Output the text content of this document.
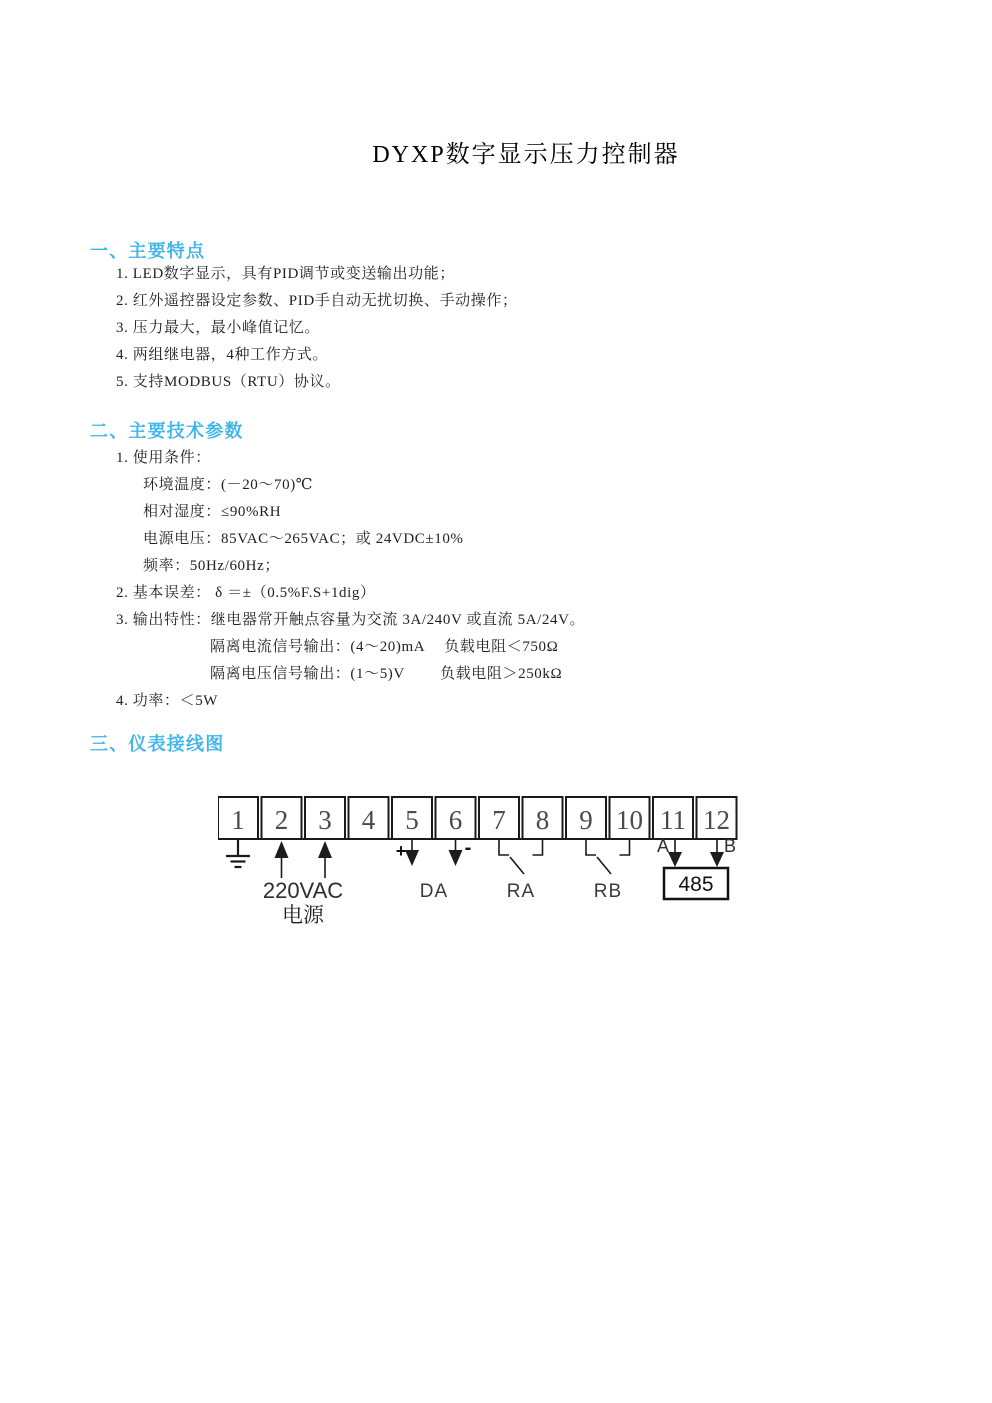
DYXP数字显示压力控制器
一、主要特点
1. LED数字显示，具有PID调节或变送输出功能；
2. 红外遥控器设定参数、PID手自动无扰切换、手动操作；
3. 压力最大，最小峰值记忆。
4. 两组继电器，4种工作方式。
5. 支持MODBUS（RTU）协议。
二、主要技术参数
1. 使用条件：
环境温度：(－20～70)℃
相对湿度：≤90%RH
电源电压：85VAC～265VAC；或 24VDC±10%
频率：50Hz/60Hz；
2. 基本误差： δ ＝±（0.5%F.S+1dig）
3. 输出特性：继电器常开触点容量为交流 3A/240V 或直流 5A/24V。
隔离电流信号输出：(4～20)mA　 负载电阻＜750Ω
隔离电压信号输出：(1～5)V　　 负载电阻＞250kΩ
4. 功率：＜5W
三、仪表接线图
1 2 3 4 5 6 7 8 9 10 11 12
220VAC
电源
+	-
DA	RA	RB
A	B
485
